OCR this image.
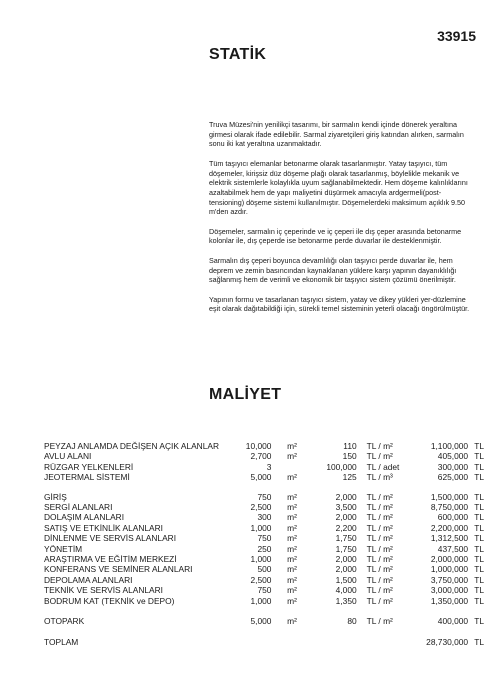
33915
STATİK

Truva Müzesi'nin yenilikçi tasarımı, bir sarmalın kendi içinde dönerek yeraltına girmesi olarak ifade edilebilir. Sarmal ziyaretçileri giriş katından alırken, sarmalın sonu iki kat yeraltına uzanmaktadır.

Tüm taşıyıcı elemanlar betonarme olarak tasarlanmıştır. Yatay taşıyıcı, tüm döşemeler, kirişsiz düz döşeme plağı olarak tasarlanmış, böylelikle mekanik ve elektrik sistemlerle kolaylıkla uyum sağlanabilmektedir. Hem döşeme kalınlıklarını azaltabilmek hem de yapı maliyetini düşürmek amacıyla ardgermeli(post-tensioning) döşeme sistemi kullanılmıştır. Döşemelerdeki maksimum açıklık 9.50 m'den azdır.

Döşemeler, sarmalın iç çeperinde ve iç çeperi ile dış çeper arasında betonarme kolonlar ile, dış çeperde ise betonarme perde duvarlar ile desteklenmiştir.

Sarmalın dış çeperi boyunca devamlılığı olan taşıyıcı perde duvarlar ile, hem deprem ve zemin basıncından kaynaklanan yüklere karşı yapının dayanıklılığı sağlanmış hem de verimli ve ekonomik bir taşıyıcı sistem çözümü önerilmiştir.

Yapının formu ve tasarlanan taşıyıcı sistem, yatay ve dikey yükleri yer-düzlemine eşit olarak dağıtabildiği için, sürekli temel sisteminin yeterli olacağı öngörülmüştür.

MALİYET
PEYZAJ ANLAMDA DEĞİŞEN AÇIK ALANLAR	10,000	m²	110	TL / m²	1,100,000	TL
AVLU ALANI	2,700	m²	150	TL / m²	405,000	TL
RÜZGAR YELKENLERİ	3		100,000	TL / adet	300,000	TL
JEOTERMAL SİSTEMİ	5,000	m²	125	TL / m³	625,000	TL

GİRİŞ	750	m²	2,000	TL / m²	1,500,000	TL
SERGİ ALANLARI	2,500	m²	3,500	TL / m²	8,750,000	TL
DOLAŞIM ALANLARI	300	m²	2,000	TL / m²	600,000	TL
SATIŞ VE ETKİNLİK ALANLARI	1,000	m²	2,200	TL / m²	2,200,000	TL
DİNLENME VE SERVİS ALANLARI	750	m²	1,750	TL / m²	1,312,500	TL
YÖNETİM	250	m²	1,750	TL / m²	437,500	TL
ARAŞTIRMA VE EĞİTİM MERKEZİ	1,000	m²	2,000	TL / m²	2,000,000	TL
KONFERANS VE SEMİNER ALANLARI	500	m²	2,000	TL / m²	1,000,000	TL
DEPOLAMA ALANLARI	2,500	m²	1,500	TL / m²	3,750,000	TL
TEKNİK VE SERVİS ALANLARI	750	m²	4,000	TL / m²	3,000,000	TL
BODRUM KAT (TEKNİK ve DEPO)	1,000	m²	1,350	TL / m²	1,350,000	TL

OTOPARK	5,000	m²	80	TL / m²	400,000	TL

TOPLAM					28,730,000	TL
